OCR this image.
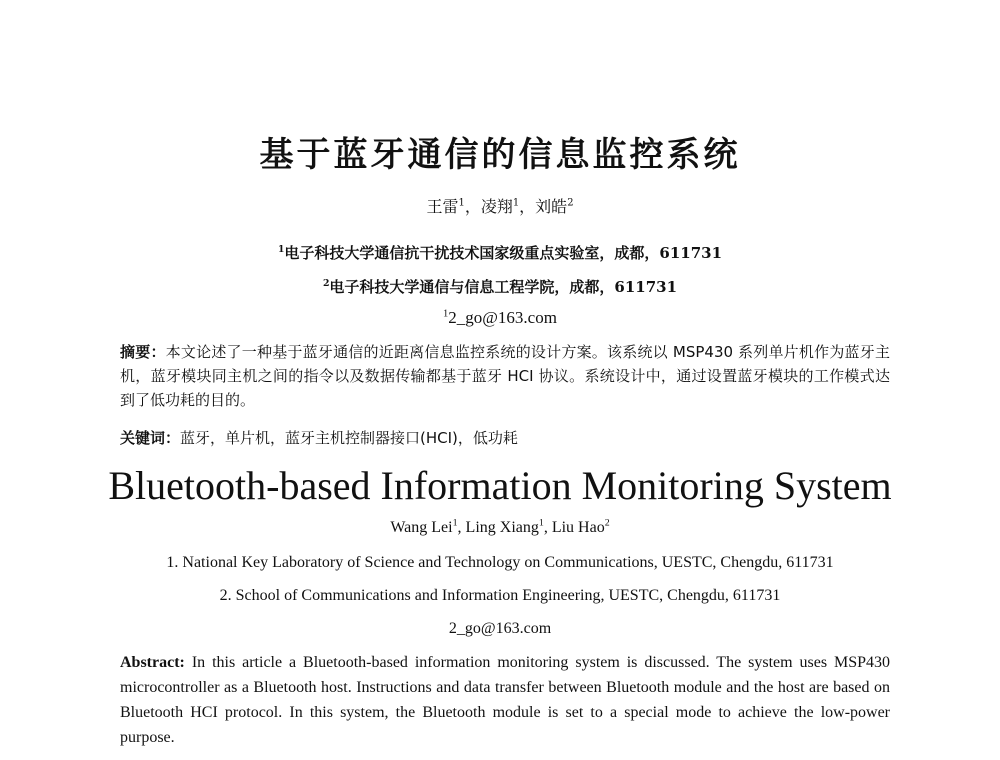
基于蓝牙通信的信息监控系统
王雷$^1$，凌翔$^1$，刘皓$^2$
$^1$电子科技大学通信抗干扰技术国家级重点实验室，成都，611731
$^2$电子科技大学通信与信息工程学院，成都，611731
$^1$2_go@163.com
摘要：本文论述了一种基于蓝牙通信的近距离信息监控系统的设计方案。该系统以 MSP430 系列单片机作为蓝牙主机，蓝牙模块同主机之间的指令以及数据传输都基于蓝牙 HCI 协议。系统设计中，通过设置蓝牙模块的工作模式达到了低功耗的目的。
关键词：蓝牙，单片机，蓝牙主机控制器接口(HCI)，低功耗
Bluetooth-based Information Monitoring System
Wang Lei$^1$, Ling Xiang$^1$, Liu Hao$^2$
1. National Key Laboratory of Science and Technology on Communications, UESTC, Chengdu, 611731
2. School of Communications and Information Engineering, UESTC, Chengdu, 611731
2_go@163.com
Abstract: In this article a Bluetooth-based information monitoring system is discussed. The system uses MSP430 microcontroller as a Bluetooth host. Instructions and data transfer between Bluetooth module and the host are based on Bluetooth HCI protocol. In this system, the Bluetooth module is set to a special mode to achieve the low-power purpose.
